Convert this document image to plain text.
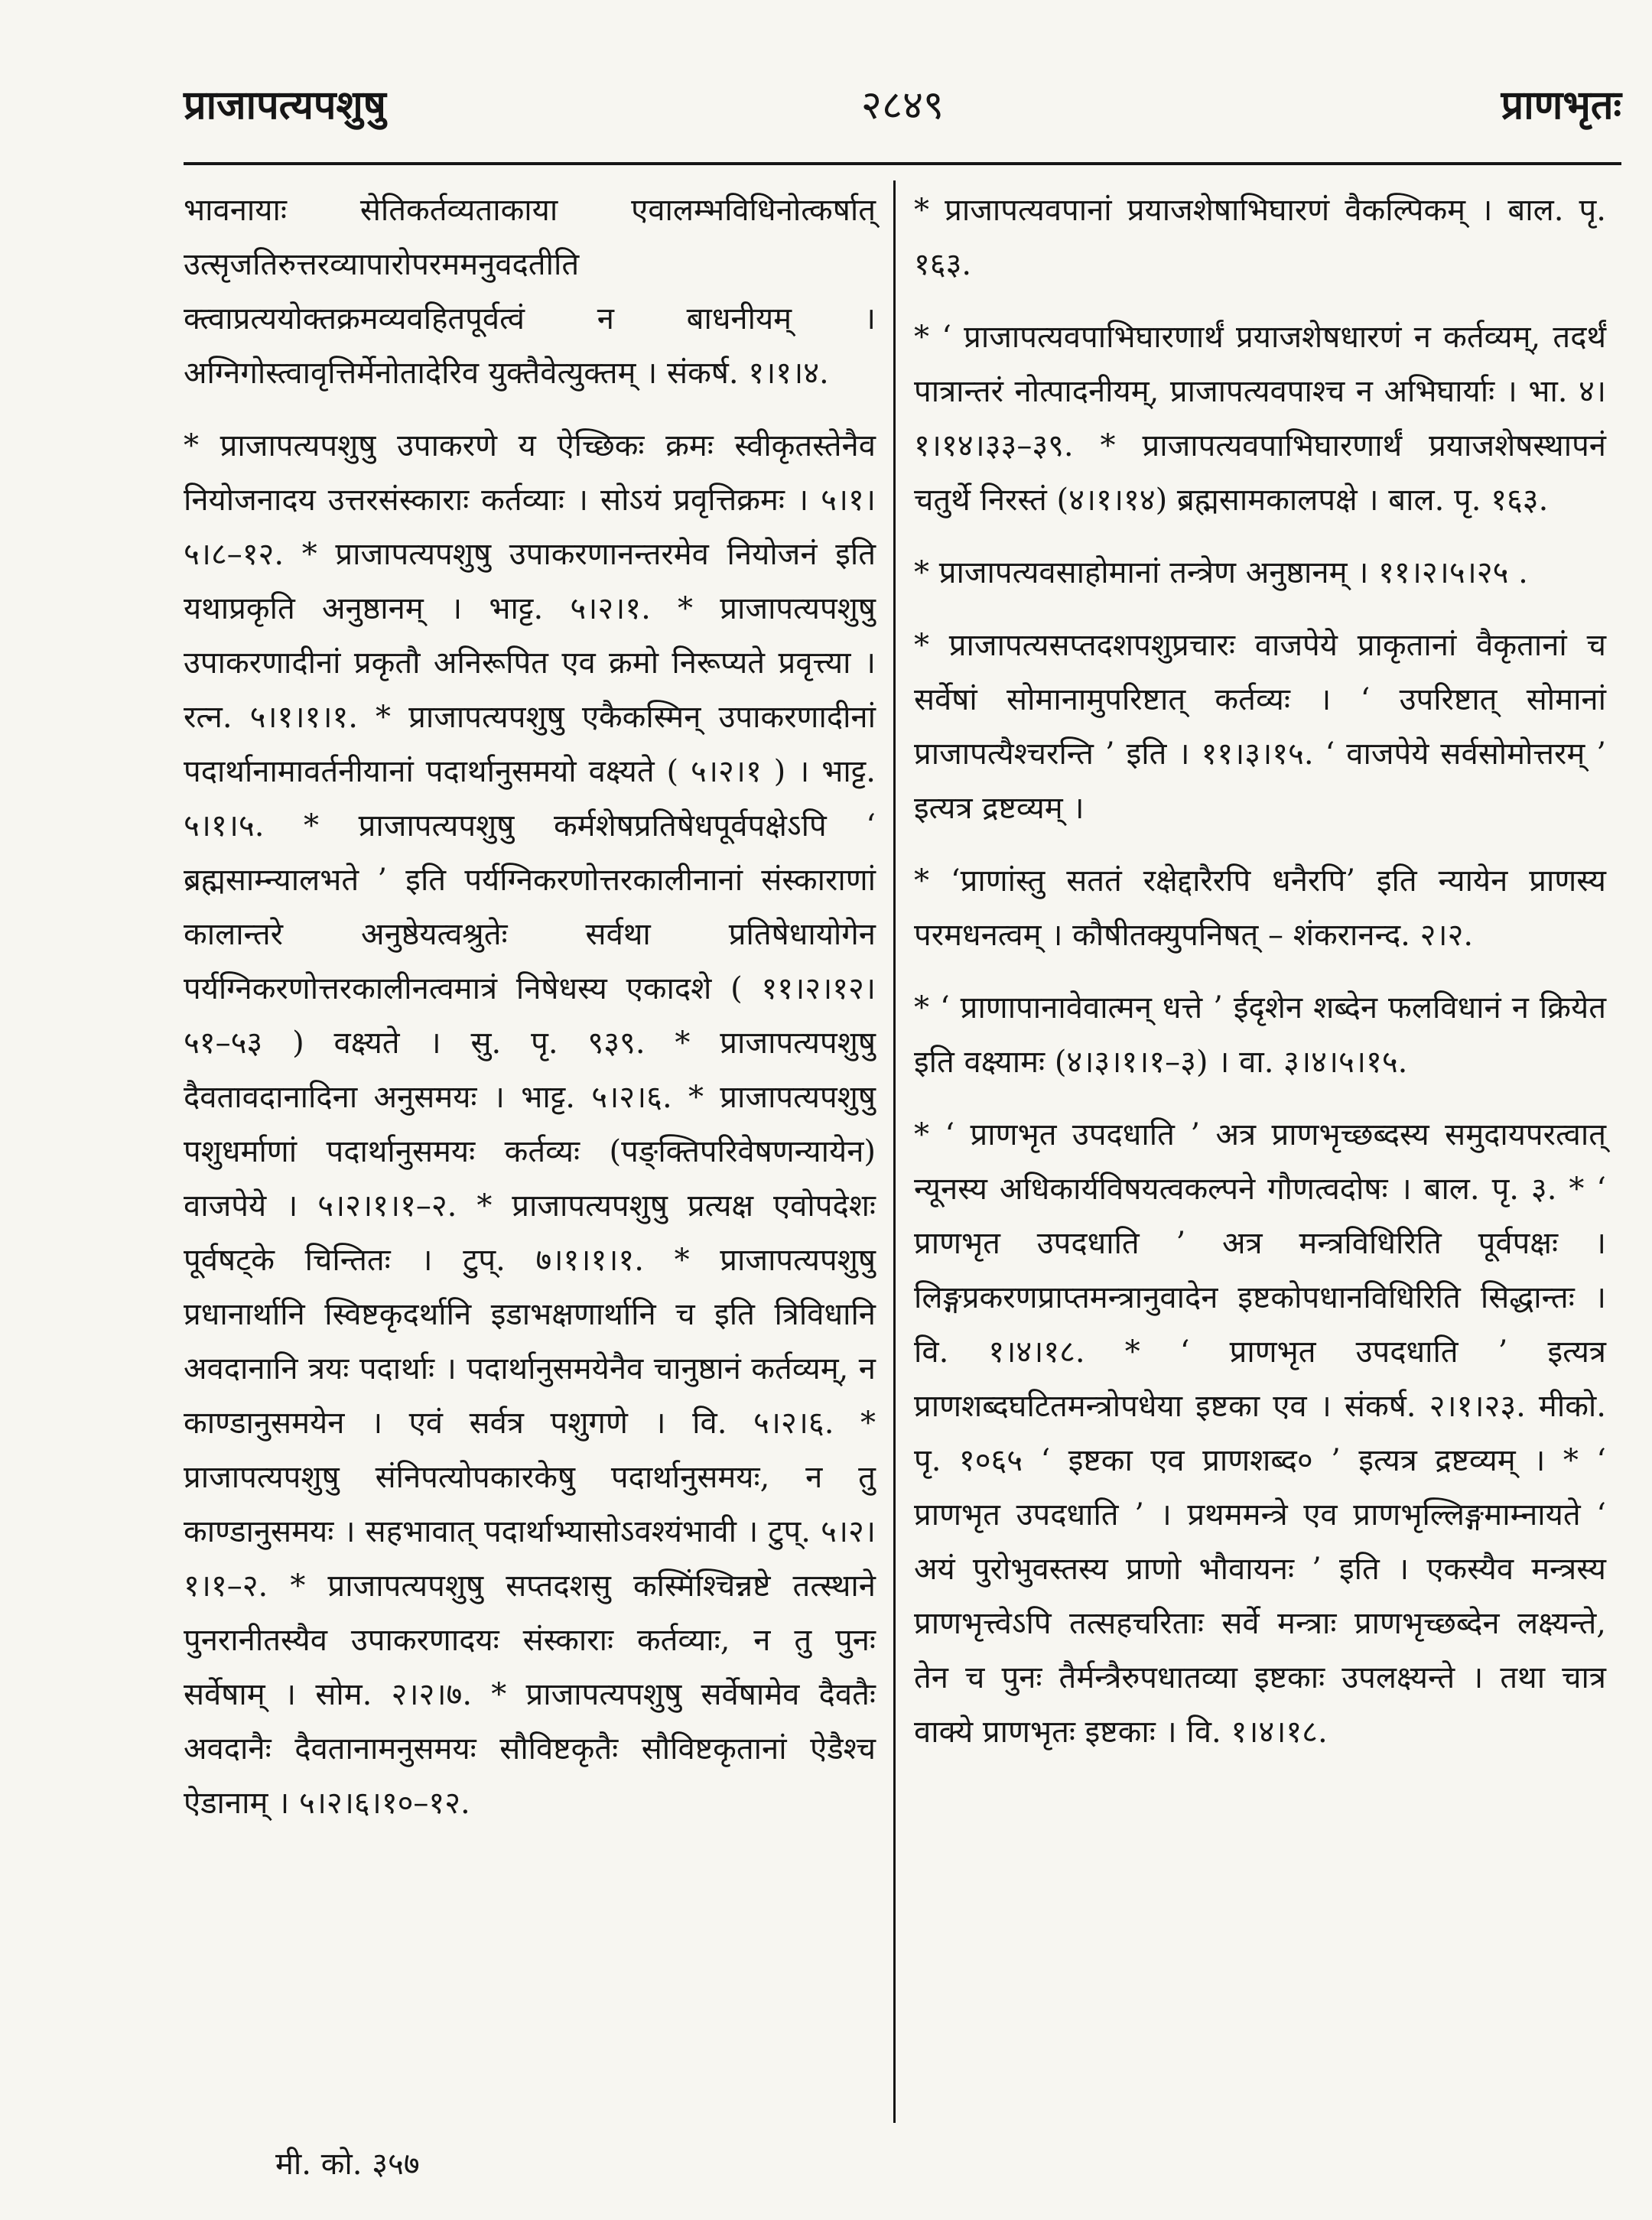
२८४९
प्राजापत्यपशुषु	प्राणभृतः

भावनायाः सेतिकर्तव्यताकाया एवालम्भविधिनोत्कर्षात् उत्सृजतिरुत्तरव्यापारोपरममनुवदतीति क्त्वाप्रत्ययोक्तक्रमव्यवहितपूर्वत्वं न बाधनीयम् । अग्निगोस्त्वावृत्तिर्मेनोतादेरिव युक्तैवेत्युक्तम् । संकर्ष. १।१।४.

* प्राजापत्यपशुषु उपाकरणे य ऐच्छिकः क्रमः स्वीकृतस्तेनैव नियोजनादय उत्तरसंस्काराः कर्तव्याः । सोऽयं प्रवृत्तिक्रमः । ५।१।५।८–१२. * प्राजापत्यपशुषु उपाकरणानन्तरमेव नियोजनं इति यथाप्रकृति अनुष्ठानम् । भाट्ट. ५।२।१. * प्राजापत्यपशुषु उपाकरणादीनां प्रकृतौ अनिरूपित एव क्रमो निरूप्यते प्रवृत्त्या । रत्न. ५।१।१।१. * प्राजापत्यपशुषु एकैकस्मिन् उपाकरणादीनां पदार्थानामावर्तनीयानां पदार्थानुसमयो वक्ष्यते ( ५।२।१ ) । भाट्ट. ५।१।५. * प्राजापत्यपशुषु कर्मशेषप्रतिषेधपूर्वपक्षेऽपि ‘ ब्रह्मसाम्न्यालभते ’ इति पर्यग्निकरणोत्तरकालीनानां संस्काराणां कालान्तरे अनुष्ठेयत्वश्रुतेः सर्वथा प्रतिषेधायोगेन पर्यग्निकरणोत्तरकालीनत्वमात्रं निषेधस्य एकादशे ( ११।२।१२।५१–५३ ) वक्ष्यते । सु. पृ. ९३९. * प्राजापत्यपशुषु दैवतावदानादिना अनुसमयः । भाट्ट. ५।२।६. * प्राजापत्यपशुषु पशुधर्माणां पदार्थानुसमयः कर्तव्यः (पङ्क्तिपरिवेषणन्यायेन) वाजपेये । ५।२।१।१–२. * प्राजापत्यपशुषु प्रत्यक्ष एवोपदेशः पूर्वषट्के चिन्तितः । टुप्. ७।१।१।१. * प्राजापत्यपशुषु प्रधानार्थानि स्विष्टकृदर्थानि इडाभक्षणार्थानि च इति त्रिविधानि अवदानानि त्रयः पदार्थाः । पदार्थानुसमयेनैव चानुष्ठानं कर्तव्यम्, न काण्डानुसमयेन । एवं सर्वत्र पशुगणे । वि. ५।२।६. * प्राजापत्यपशुषु संनिपत्योपकारकेषु पदार्थानुसमयः, न तु काण्डानुसमयः । सहभावात् पदार्थाभ्यासोऽवश्यंभावी । टुप्. ५।२।१।१–२. * प्राजापत्यपशुषु सप्तदशसु कस्मिंश्चिन्नष्टे तत्स्थाने पुनरानीतस्यैव उपाकरणादयः संस्काराः कर्तव्याः, न तु पुनः सर्वेषाम् । सोम. २।२।७. * प्राजापत्यपशुषु सर्वेषामेव दैवतैः अवदानैः दैवतानामनुसमयः सौविष्टकृतैः सौविष्टकृतानां ऐडैश्च ऐडानाम् । ५।२।६।१०–१२.

* प्राजापत्यवपानां प्रयाजशेषाभिघारणं वैकल्पिकम् । बाल. पृ. १६३.

* ‘ प्राजापत्यवपाभिघारणार्थं प्रयाजशेषधारणं न कर्तव्यम्, तदर्थं पात्रान्तरं नोत्पादनीयम्, प्राजापत्यवपाश्च न अभिघार्याः । भा. ४।१।१४।३३–३९. * प्राजापत्यवपाभिघारणार्थं प्रयाजशेषस्थापनं चतुर्थे निरस्तं (४।१।१४) ब्रह्मसामकालपक्षे । बाल. पृ. १६३.

* प्राजापत्यवसाहोमानां तन्त्रेण अनुष्ठानम् । ११।२।५।२५ .

* प्राजापत्यसप्तदशपशुप्रचारः वाजपेये प्राकृतानां वैकृतानां च सर्वेषां सोमानामुपरिष्टात् कर्तव्यः । ‘ उपरिष्टात् सोमानां प्राजापत्यैश्चरन्ति ’ इति । ११।३।१५. ‘ वाजपेये सर्वसोमोत्तरम् ’ इत्यत्र द्रष्टव्यम् ।

* ‘प्राणांस्तु सततं रक्षेद्दारैरपि धनैरपि’ इति न्यायेन प्राणस्य परमधनत्वम् । कौषीतक्युपनिषत् – शंकरानन्द. २।२.

* ‘ प्राणापानावेवात्मन् धत्ते ’ ईदृशेन शब्देन फलविधानं न क्रियेत इति वक्ष्यामः (४।३।१।१–३) । वा. ३।४।५।१५.

* ‘ प्राणभृत उपदधाति ’ अत्र प्राणभृच्छब्दस्य समुदायपरत्वात् न्यूनस्य अधिकार्यविषयत्वकल्पने गौणत्वदोषः । बाल. पृ. ३. * ‘ प्राणभृत उपदधाति ’ अत्र मन्त्रविधिरिति पूर्वपक्षः । लिङ्गप्रकरणप्राप्तमन्त्रानुवादेन इष्टकोपधानविधिरिति सिद्धान्तः । वि. १।४।१८. * ‘ प्राणभृत उपदधाति ’ इत्यत्र प्राणशब्दघटितमन्त्रोपधेया इष्टका एव । संकर्ष. २।१।२३. मीको. पृ. १०६५ ‘ इष्टका एव प्राणशब्द० ’ इत्यत्र द्रष्टव्यम् । * ‘ प्राणभृत उपदधाति ’ । प्रथममन्त्रे एव प्राणभृल्लिङ्गमाम्नायते ‘ अयं पुरोभुवस्तस्य प्राणो भौवायनः ’ इति । एकस्यैव मन्त्रस्य प्राणभृत्त्वेऽपि तत्सहचरिताः सर्वे मन्त्राः प्राणभृच्छब्देन लक्ष्यन्ते, तेन च पुनः तैर्मन्त्रैरुपधातव्या इष्टकाः उपलक्ष्यन्ते । तथा चात्र वाक्ये प्राणभृतः इष्टकाः । वि. १।४।१८.

मी. को. ३५७
